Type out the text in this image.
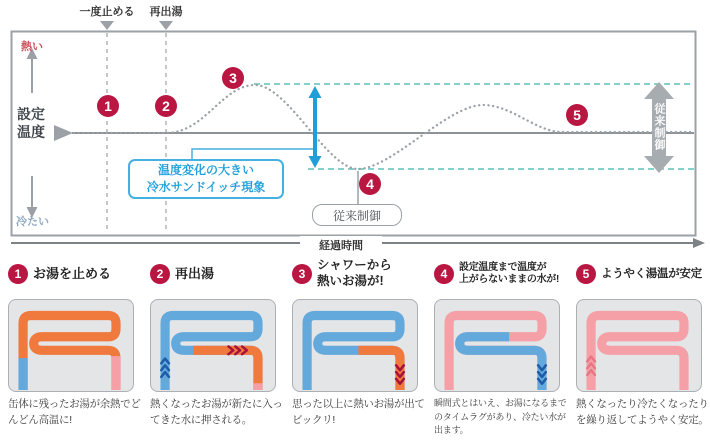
一度止める	再出湯
熱い
設定
温度
冷たい
1	2
3
4
5
温度変化の大きい
冷水サンドイッチ現象
従来制御
従来制御
経過時間
1 お湯を止める
缶体に残ったお湯が余熱でどんどん高温に!
2 再出湯
熱くなったお湯が新たに入ってきた水に押される。
3
シャワーから
熱いお湯が!
思った以上に熱いお湯が出てビックリ!
4	設定温度まで温度が
上がらないままの水が!
瞬間式とはいえ、お湯になるまでのタイムラグがあり、冷たい水が出ます。
5	ようやく湯温が安定
熱くなったり冷たくなったりを繰り返してようやく安定。
